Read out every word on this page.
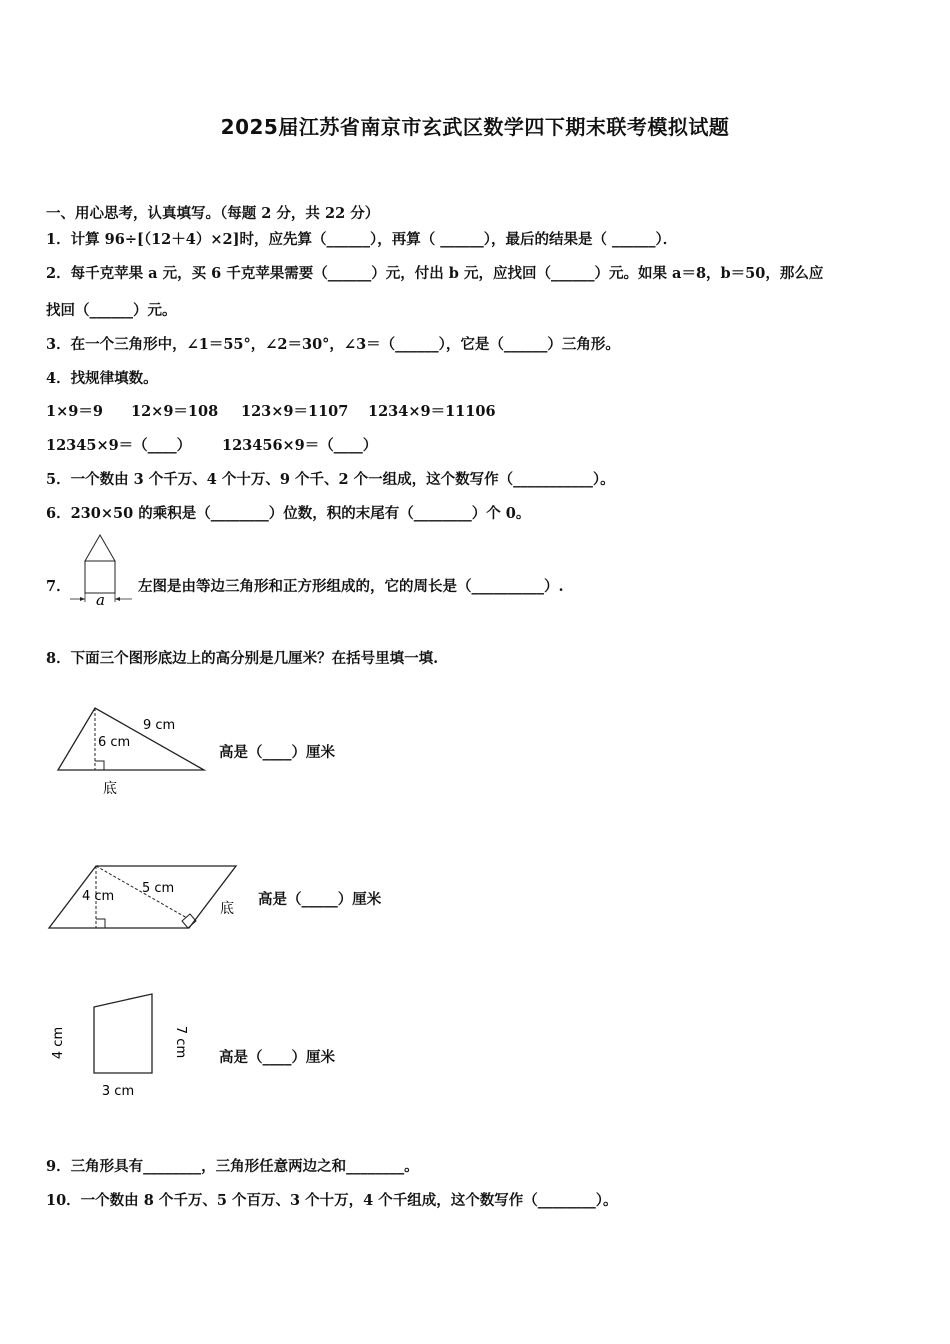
2025届江苏省南京市玄武区数学四下期末联考模拟试题
一、用心思考，认真填写。（每题 2 分，共 22 分）
1．计算 96÷[（12＋4）×2]时，应先算（______），再算（ ______），最后的结果是（ ______）．
2．每千克苹果 a 元，买 6 千克苹果需要（______）元，付出 b 元，应找回（______）元。如果 a＝8，b＝50，那么应
找回（______）元。
3．在一个三角形中，∠1＝55°，∠2＝30°，∠3＝（______），它是（______）三角形。
4．找规律填数。
1×9＝9 12×9＝108 123×9＝1107 1234×9＝11106
12345×9＝（____） 123456×9＝（____）
5．一个数由 3 个千万、4 个十万、9 个千、2 个一组成，这个数写作（___________）。
6．230×50 的乘积是（________）位数，积的末尾有（________）个 0。
7．
a
左图是由等边三角形和正方形组成的，它的周长是（__________）.
8．下面三个图形底边上的高分别是几厘米？在括号里填一填.
9 cm
6 cm
底
高是（____）厘米
5 cm
4 cm
底
高是（_____）厘米
4 cm	7 cm
3 cm
高是（____）厘米
9．三角形具有________，三角形任意两边之和________。
10．一个数由 8 个千万、5 个百万、3 个十万，4 个千组成，这个数写作（________）。
